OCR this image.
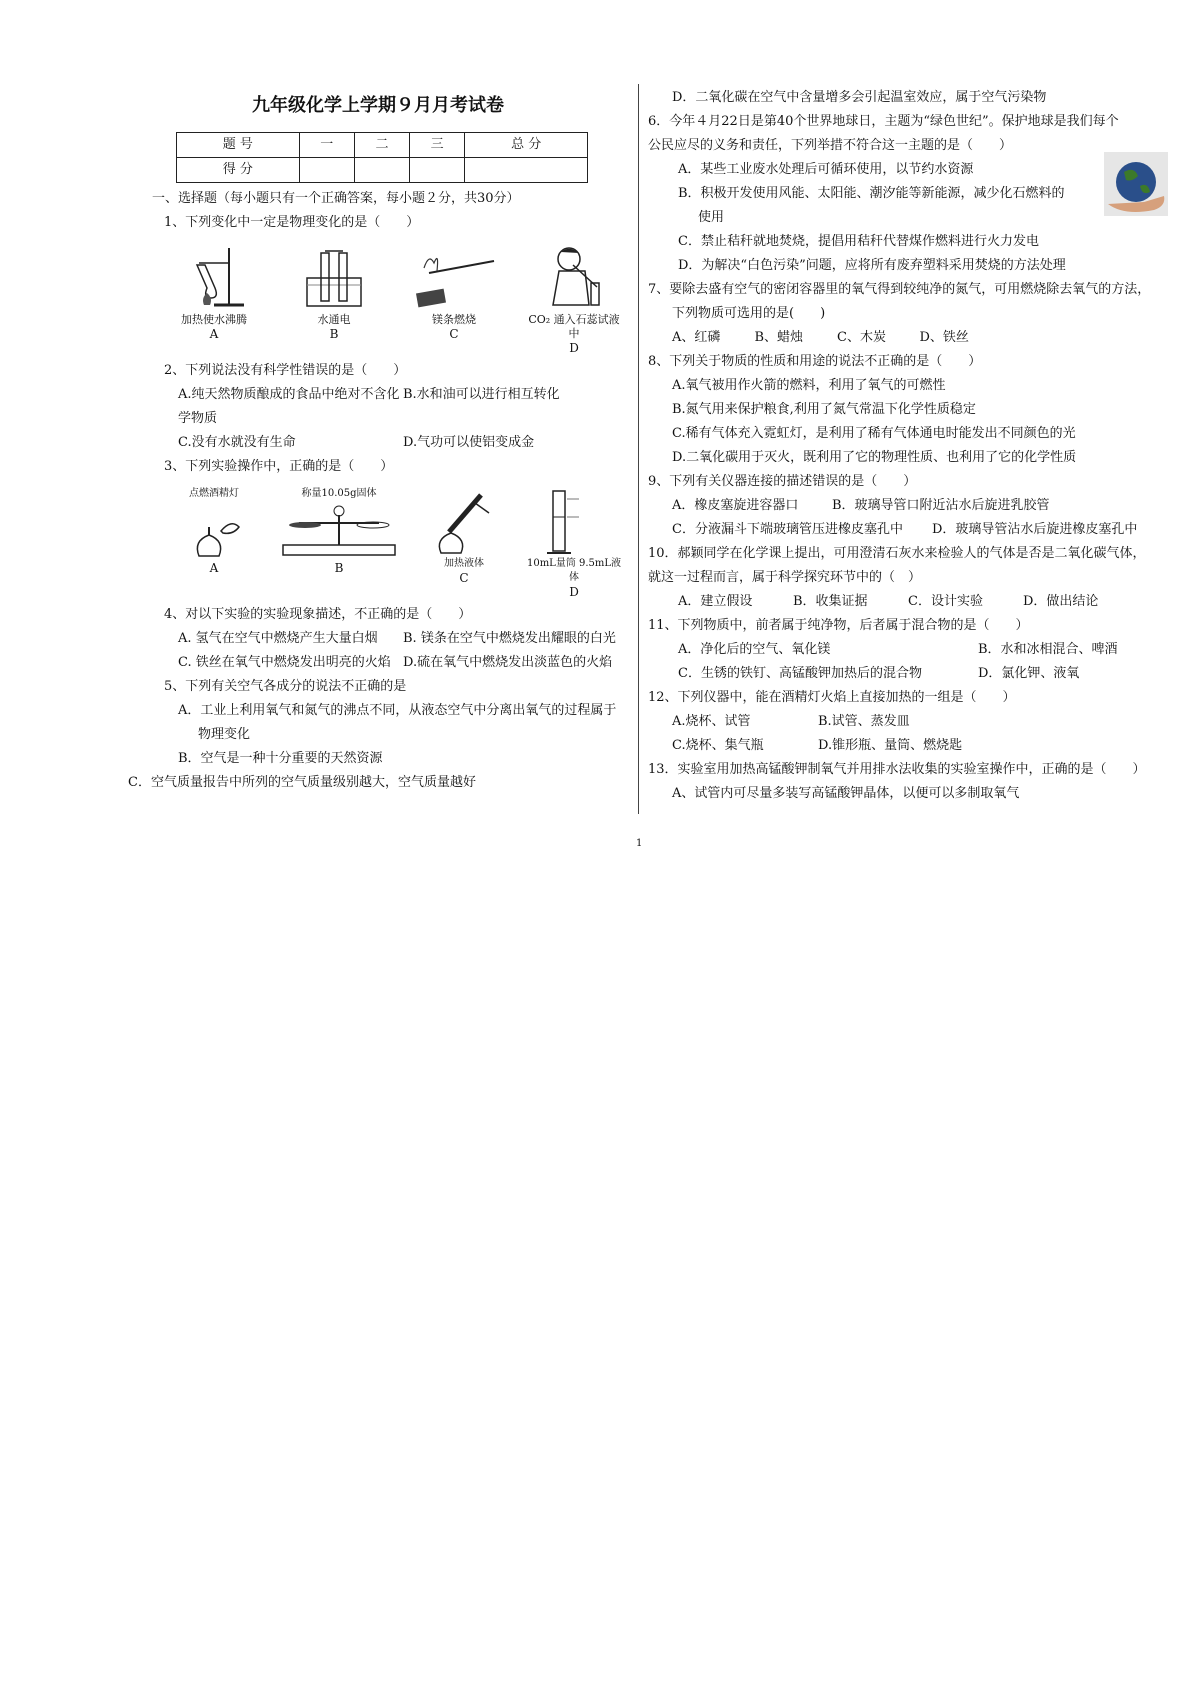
九年级化学上学期９月月考试卷
题 号	一	二	三	总 分
得 分				
一、选择题（每小题只有一个正确答案，每小题２分，共30分）
1、下列变化中一定是物理变化的是（　　）
加热使水沸腾
A
水通电
B
镁条燃烧
C
CO₂ 通入石蕊试液中
D
2、下列说法没有科学性错误的是（　　）
A.纯天然物质酿成的食品中绝对不含化学物质
B.水和油可以进行相互转化
C.没有水就没有生命	D.气功可以使铝变成金
3、下列实验操作中，正确的是（　　）
点燃酒精灯
A
称量10.05g固体
B	加热液体
C
10mL量筒 9.5mL液体
D
4、对以下实验的实验现象描述，不正确的是（　　）
A. 氢气在空气中燃烧产生大量白烟	B. 镁条在空气中燃烧发出耀眼的白光
C. 铁丝在氧气中燃烧发出明亮的火焰 D.硫在氧气中燃烧发出淡蓝色的火焰
5、下列有关空气各成分的说法不正确的是
A．工业上利用氧气和氮气的沸点不同，从液态空气中分离出氧气的过程属于
物理变化
B．空气是一种十分重要的天然资源
C．空气质量报告中所列的空气质量级别越大，空气质量越好
D．二氧化碳在空气中含量增多会引起温室效应，属于空气污染物
6．今年４月22日是第40个世界地球日，主题为“绿色世纪”。保护地球是我们每个
公民应尽的义务和责任，下列举措不符合这一主题的是（　　）
A．某些工业废水处理后可循环使用，以节约水资源
B．积极开发使用风能、太阳能、潮汐能等新能源，减少化石燃料的
使用
C．禁止秸秆就地焚烧，提倡用秸秆代替煤作燃料进行火力发电
D．为解决“白色污染”问题，应将所有废弃塑料采用焚烧的方法处理
7、要除去盛有空气的密闭容器里的氧气得到较纯净的氮气，可用燃烧除去氧气的方法，
下列物质可选用的是(　　)
A、红磷	B、蜡烛	C、木炭	D、铁丝
8、下列关于物质的性质和用途的说法不正确的是（　　）
A.氧气被用作火箭的燃料，利用了氧气的可燃性
B.氮气用来保护粮食,利用了氮气常温下化学性质稳定
C.稀有气体充入霓虹灯，是利用了稀有气体通电时能发出不同颜色的光
D.二氧化碳用于灭火，既利用了它的物理性质、也利用了它的化学性质
9、下列有关仪器连接的描述错误的是（　　）
A．橡皮塞旋进容器口	B．玻璃导管口附近沾水后旋进乳胶管
C．分液漏斗下端玻璃管压进橡皮塞孔中	D．玻璃导管沾水后旋进橡皮塞孔中
10．郝颖同学在化学课上提出，可用澄清石灰水来检验人的气体是否是二氧化碳气体，
就这一过程而言，属于科学探究环节中的（　）
A．建立假设	B．收集证据	C．设计实验	D．做出结论
11、下列物质中，前者属于纯净物，后者属于混合物的是（　　）
A．净化后的空气、氧化镁	B．水和冰相混合、啤酒
C．生锈的铁钉、高锰酸钾加热后的混合物	D．氯化钾、液氧
12、下列仪器中，能在酒精灯火焰上直接加热的一组是（　　）
A.烧杯、试管	B.试管、蒸发皿
C.烧杯、集气瓶	D.锥形瓶、量筒、燃烧匙
13．实验室用加热高锰酸钾制氧气并用排水法收集的实验室操作中，正确的是（　　）
A、试管内可尽量多装写高锰酸钾晶体，以便可以多制取氧气
1
